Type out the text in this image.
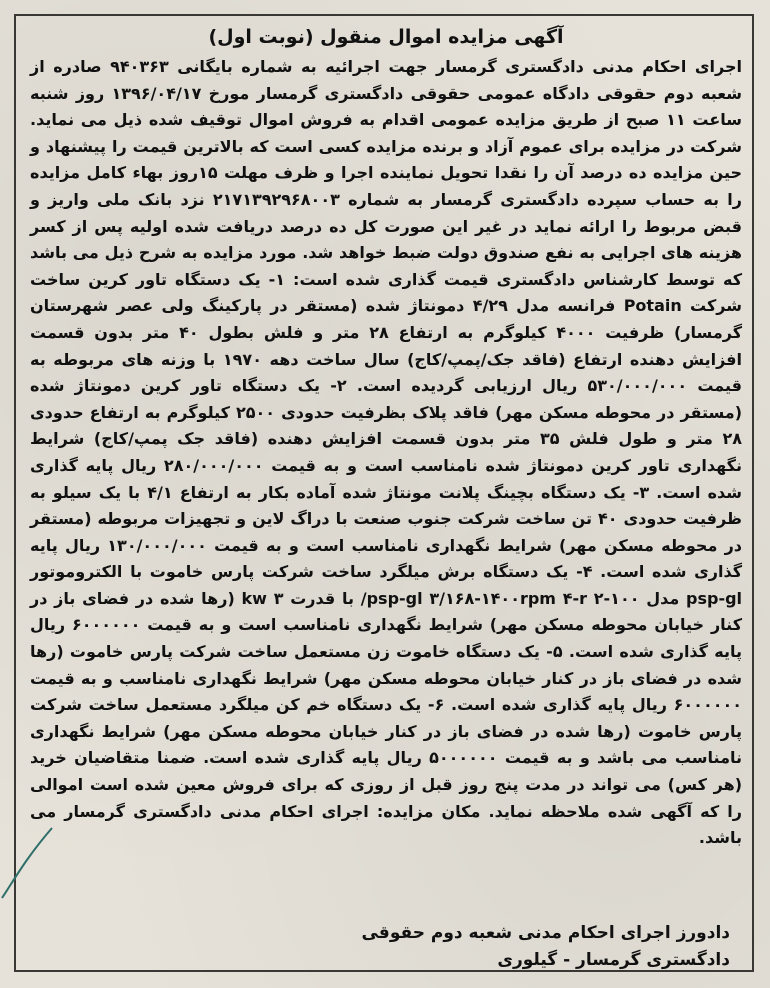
آگهی مزایده اموال منقول (نوبت اول)

اجرای احکام مدنی دادگستری گرمسار جهت اجرائیه به شماره بایگانی ۹۴۰۳۶۳ صادره از شعبه دوم حقوقی دادگاه عمومی حقوقی دادگستری گرمسار مورخ ۱۳۹۶/۰۴/۱۷ روز شنبه ساعت ۱۱ صبح از طریق مزایده عمومی اقدام به فروش اموال توقیف شده ذیل می نماید. شرکت در مزایده برای عموم آزاد و برنده مزایده کسی است که بالاترین قیمت را پیشنهاد و حین مزایده ده درصد آن را نقدا تحویل نماینده اجرا و ظرف مهلت ۱۵روز بهاء کامل مزایده را به حساب سپرده دادگستری گرمسار به شماره ۲۱۷۱۳۹۲۹۶۸۰۰۳ نزد بانک ملی واریز و قبض مربوط را ارائه نماید در غیر این صورت کل ده درصد دریافت شده اولیه پس از کسر هزینه های اجرایی به نفع صندوق دولت ضبط خواهد شد. مورد مزایده به شرح ذیل می باشد که توسط کارشناس دادگستری قیمت گذاری شده است: ۱- یک دستگاه تاور کرین ساخت شرکت Potain فرانسه مدل ۴/۲۹ دمونتاژ شده (مستقر در پارکینگ ولی عصر شهرستان گرمسار) ظرفیت ۴۰۰۰ کیلوگرم به ارتفاع ۲۸ متر و فلش بطول ۴۰ متر بدون قسمت افزایش دهنده ارتفاع (فاقد جک/پمپ/کاج) سال ساخت دهه ۱۹۷۰ با وزنه های مربوطه به قیمت ۵۳۰/۰۰۰/۰۰۰ ریال ارزیابی گردیده است. ۲- یک دستگاه تاور کرین دمونتاژ شده (مستقر در محوطه مسکن مهر) فاقد پلاک بظرفیت حدودی ۲۵۰۰ کیلوگرم به ارتفاع حدودی ۲۸ متر و طول فلش ۳۵ متر بدون قسمت افزایش دهنده (فاقد جک پمپ/کاج) شرایط نگهداری تاور کرین دمونتاژ شده نامناسب است و به قیمت ۲۸۰/۰۰۰/۰۰۰ ریال پایه گذاری شده است. ۳- یک دستگاه بچینگ پلانت مونتاژ شده آماده بکار به ارتفاع ۴/۱ با یک سیلو به ظرفیت حدودی ۴۰ تن ساخت شرکت جنوب صنعت با دراگ لاین و تجهیزات مربوطه (مستقر در محوطه مسکن مهر) شرایط نگهداری نامناسب است و به قیمت ۱۳۰/۰۰۰/۰۰۰ ریال پایه گذاری شده است. ۴- یک دستگاه برش میلگرد ساخت شرکت پارس خاموت با الکتروموتور psp-gl مدل psp-gl ۳/۱۶۸-۱۴۰۰rpm ۴-r ۲-۱۰۰/ با قدرت kw ۳ (رها شده در فضای باز در کنار خیابان محوطه مسکن مهر) شرایط نگهداری نامناسب است و به قیمت ۶۰۰۰۰۰۰ ریال پایه گذاری شده است. ۵- یک دستگاه خاموت زن مستعمل ساخت شرکت پارس خاموت (رها شده در فضای باز در کنار خیابان محوطه مسکن مهر) شرایط نگهداری نامناسب و به قیمت ۶۰۰۰۰۰۰ ریال پایه گذاری شده است. ۶- یک دستگاه خم کن میلگرد مستعمل ساخت شرکت پارس خاموت (رها شده در فضای باز در کنار خیابان محوطه مسکن مهر) شرایط نگهداری نامناسب می باشد و به قیمت ۵۰۰۰۰۰۰ ریال پایه گذاری شده است. ضمنا متقاضیان خرید (هر کس) می تواند در مدت پنج روز قبل از روزی که برای فروش معین شده است اموالی را که آگهی شده ملاحظه نماید. مکان مزایده: اجرای احکام مدنی دادگستری گرمسار می باشد.

دادورز اجرای احکام مدنی شعبه دوم حقوقی
دادگستری گرمسار - گیلوری
